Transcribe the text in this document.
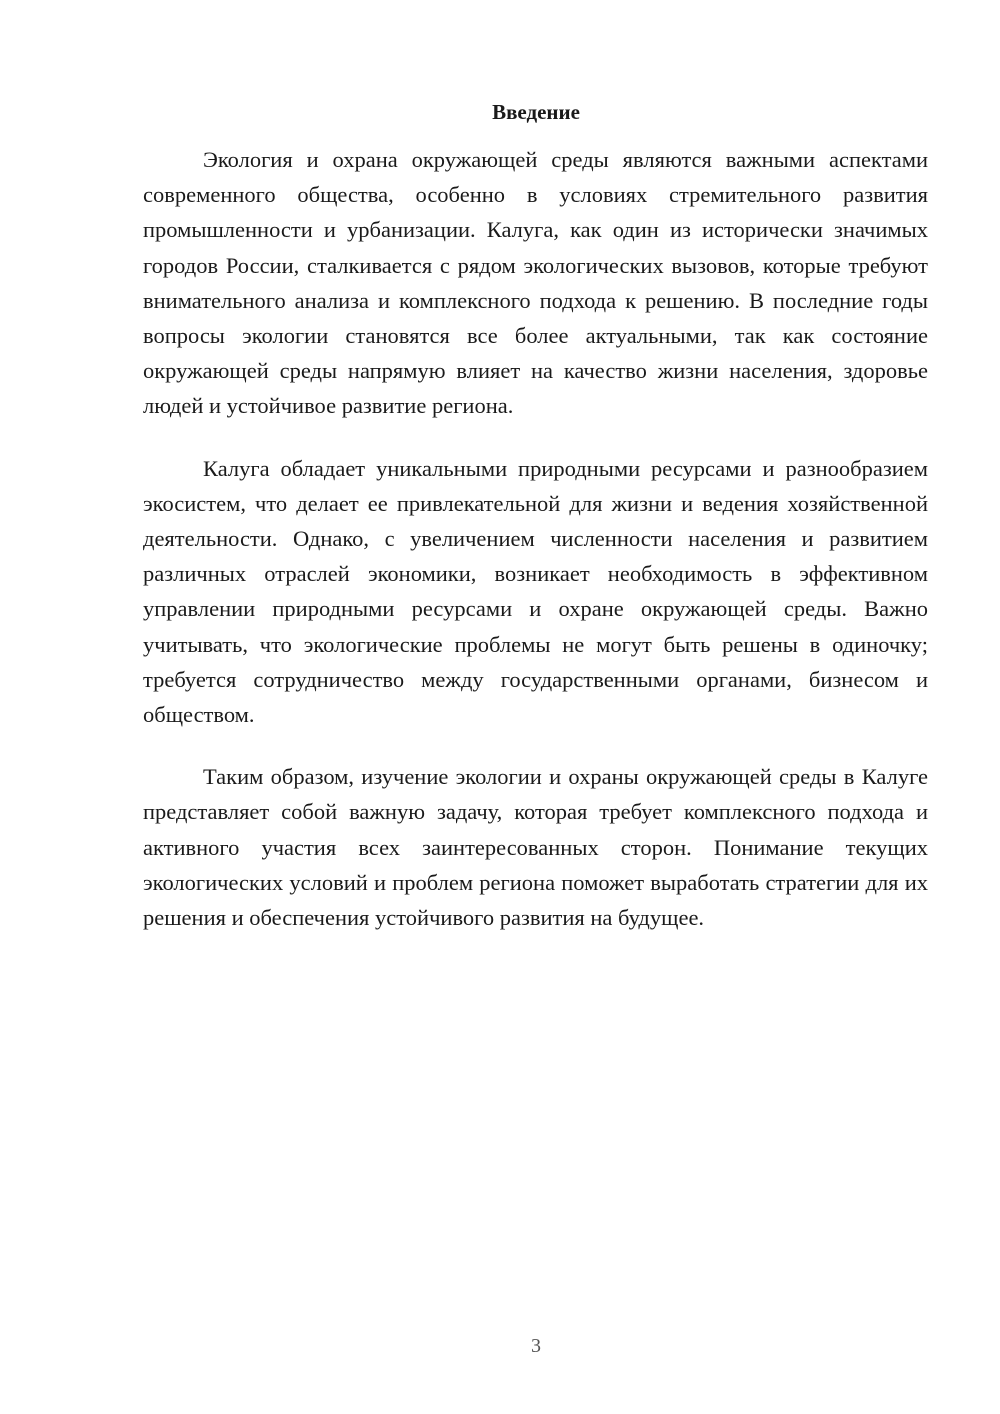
Введение

Экология и охрана окружающей среды являются важными аспектами современного общества, особенно в условиях стремительного развития промышленности и урбанизации. Калуга, как один из исторически значимых городов России, сталкивается с рядом экологических вызовов, которые требуют внимательного анализа и комплексного подхода к решению. В последние годы вопросы экологии становятся все более актуальными, так как состояние окружающей среды напрямую влияет на качество жизни населения, здоровье людей и устойчивое развитие региона.

Калуга обладает уникальными природными ресурсами и разнообразием экосистем, что делает ее привлекательной для жизни и ведения хозяйственной деятельности. Однако, с увеличением численности населения и развитием различных отраслей экономики, возникает необходимость в эффективном управлении природными ресурсами и охране окружающей среды. Важно учитывать, что экологические проблемы не могут быть решены в одиночку; требуется сотрудничество между государственными органами, бизнесом и обществом.

Таким образом, изучение экологии и охраны окружающей среды в Калуге представляет собой важную задачу, которая требует комплексного подхода и активного участия всех заинтересованных сторон. Понимание текущих экологических условий и проблем региона поможет выработать стратегии для их решения и обеспечения устойчивого развития на будущее.

3
